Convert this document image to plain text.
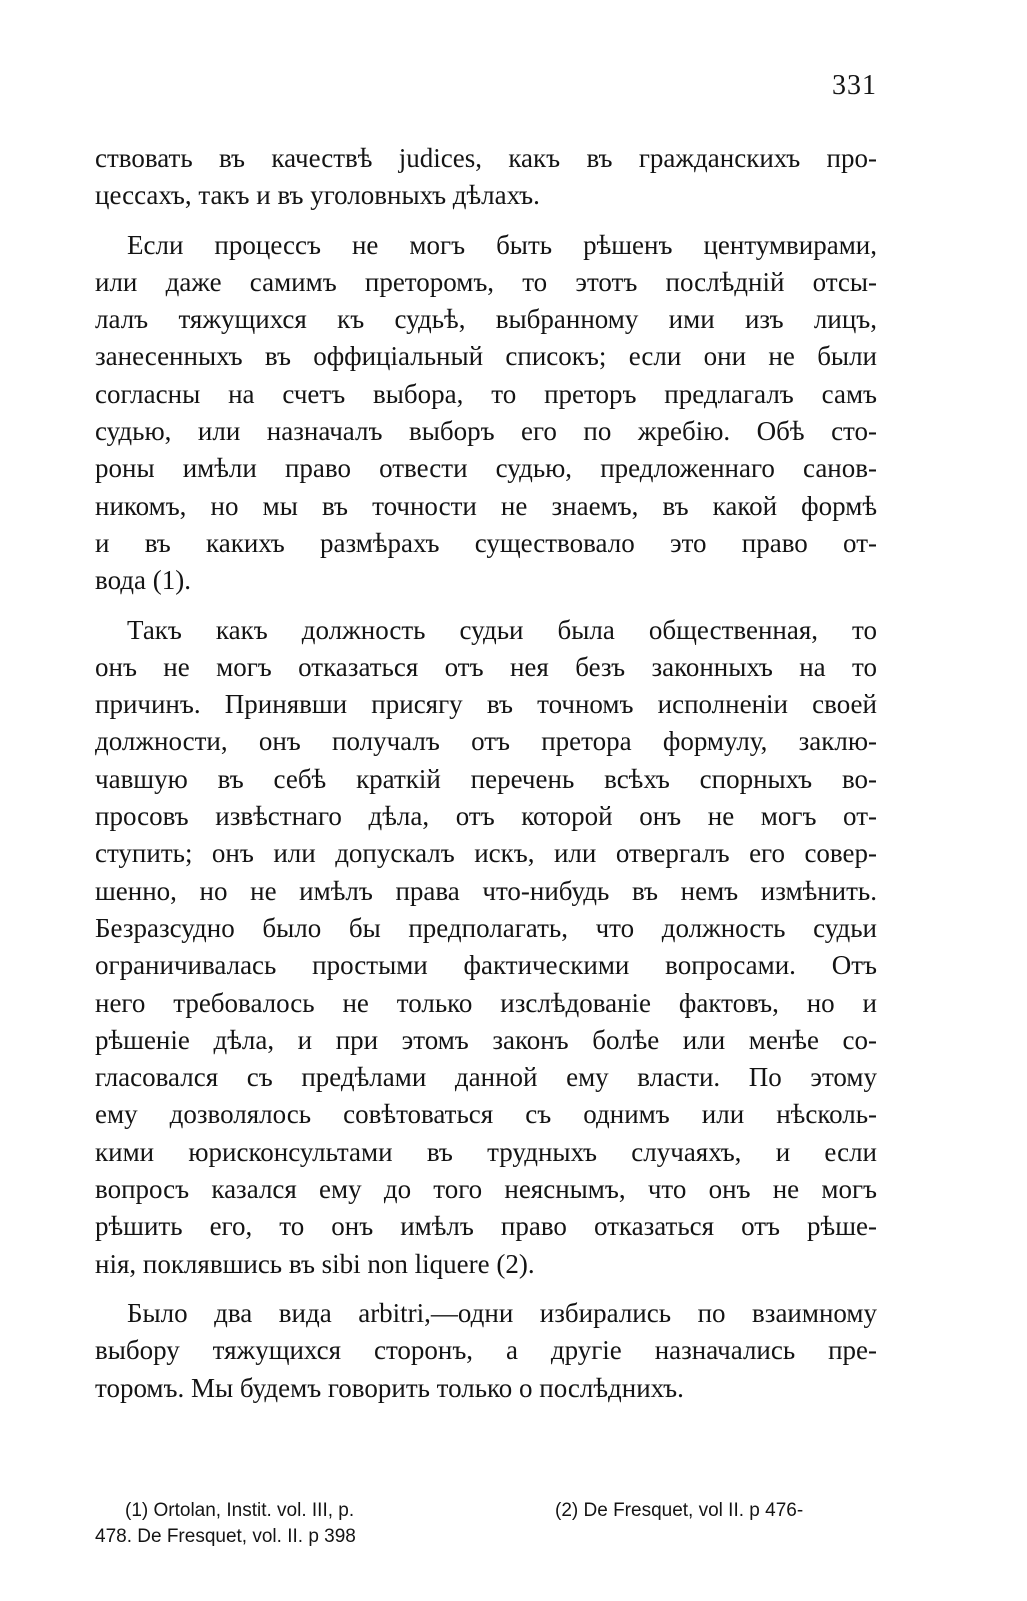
331
ствовать въ качествѣ judices, какъ въ гражданскихъ про-
цессахъ, такъ и въ уголовныхъ дѣлахъ.
Если процессъ не могъ быть рѣшенъ центумвирами,
или даже самимъ преторомъ, то этотъ послѣднiй отсы-
лалъ тяжущихся къ судьѣ, выбранному ими изъ лицъ,
занесенныхъ въ оффицiальный списокъ; если они не были
согласны на счетъ выбора, то преторъ предлагалъ самъ
судью, или назначалъ выборъ его по жребiю. Обѣ сто-
роны имѣли право отвести судью, предложеннаго санов-
никомъ, но мы въ точности не знаемъ, въ какой формѣ
и въ какихъ размѣрахъ существовало это право от-
вода (1).
Такъ какъ должность судьи была общественная, то
онъ не могъ отказаться отъ нея безъ законныхъ на то
причинъ. Принявши присягу въ точномъ исполненiи своей
должности, онъ получалъ отъ претора формулу, заклю-
чавшую въ себѣ краткiй перечень всѣхъ спорныхъ во-
просовъ извѣстнаго дѣла, отъ которой онъ не могъ от-
ступить; онъ или допускалъ искъ, или отвергалъ его совер-
шенно, но не имѣлъ права что-нибудь въ немъ измѣнить.
Безразсудно было бы предполагать, что должность судьи
ограничивалась простыми фактическими вопросами. Отъ
него требовалось не только изслѣдованiе фактовъ, но и
рѣшенiе дѣла, и при этомъ законъ болѣе или менѣе со-
гласовался съ предѣлами данной ему власти. По этому
ему дозволялось совѣтоваться съ однимъ или нѣсколь-
кими юрисконсультами въ трудныхъ случаяхъ, и если
вопросъ казался ему до того неяснымъ, что онъ не могъ
рѣшить его, то онъ имѣлъ право отказаться отъ рѣше-
нiя, поклявшись въ sibi non liquere (2).
Было два вида arbitri,—одни избирались по взаимному
выбору тяжущихся сторонъ, а другiе назначались пре-
торомъ. Мы будемъ говорить только о послѣднихъ.
(1) Ortolan, Instit. vol. III, p.	(2) De Fresquet, vol II. p 476-
478. De Fresquet, vol. II. p 398
